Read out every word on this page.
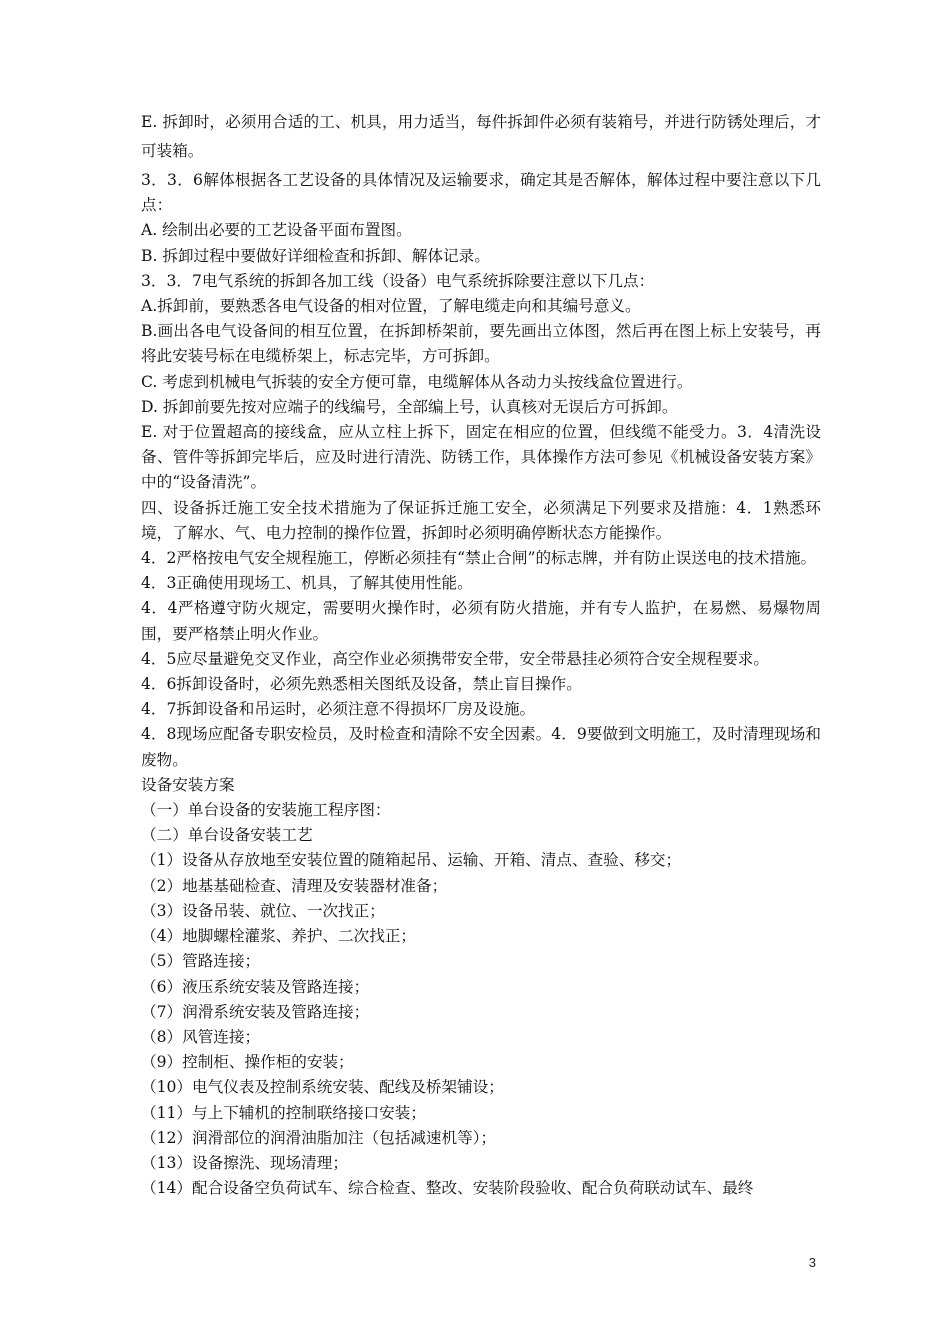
E. 拆卸时，必须用合适的工、机具，用力适当，每件拆卸件必须有装箱号，并进行防锈处理后，才可装箱。

3．3．6解体根据各工艺设备的具体情况及运输要求，确定其是否解体，解体过程中要注意以下几点：

A. 绘制出必要的工艺设备平面布置图。

B. 拆卸过程中要做好详细检查和拆卸、解体记录。

3．3．7电气系统的拆卸各加工线（设备）电气系统拆除要注意以下几点：

A.拆卸前，要熟悉各电气设备的相对位置，了解电缆走向和其编号意义。

B.画出各电气设备间的相互位置，在拆卸桥架前，要先画出立体图，然后再在图上标上安装号，再将此安装号标在电缆桥架上，标志完毕，方可拆卸。

C. 考虑到机械电气拆装的安全方便可靠，电缆解体从各动力头按线盒位置进行。

D. 拆卸前要先按对应端子的线编号，全部编上号，认真核对无误后方可拆卸。

E. 对于位置超高的接线盒，应从立柱上拆下，固定在相应的位置，但线缆不能受力。3．4清洗设备、管件等拆卸完毕后，应及时进行清洗、防锈工作，具体操作方法可参见《机械设备安装方案》中的“设备清洗”。

四、设备拆迁施工安全技术措施为了保证拆迁施工安全，必须满足下列要求及措施：4．1熟悉环境，了解水、气、电力控制的操作位置，拆卸时必须明确停断状态方能操作。

4．2严格按电气安全规程施工，停断必须挂有“禁止合闸”的标志牌，并有防止误送电的技术措施。

4．3正确使用现场工、机具，了解其使用性能。

4．4严格遵守防火规定，需要明火操作时，必须有防火措施，并有专人监护，在易燃、易爆物周围，要严格禁止明火作业。

4．5应尽量避免交叉作业，高空作业必须携带安全带，安全带悬挂必须符合安全规程要求。

4．6拆卸设备时，必须先熟悉相关图纸及设备，禁止盲目操作。

4．7拆卸设备和吊运时，必须注意不得损坏厂房及设施。

4．8现场应配备专职安检员，及时检查和清除不安全因素。4．9要做到文明施工，及时清理现场和废物。

设备安装方案

（一）单台设备的安装施工程序图：

（二）单台设备安装工艺

（1）设备从存放地至安装位置的随箱起吊、运输、开箱、清点、查验、移交；

（2）地基基础检查、清理及安装器材准备；

（3）设备吊装、就位、一次找正；

（4）地脚螺栓灌浆、养护、二次找正；

（5）管路连接；

（6）液压系统安装及管路连接；

（7）润滑系统安装及管路连接；

（8）风管连接；

（9）控制柜、操作柜的安装；

（10）电气仪表及控制系统安装、配线及桥架铺设；

（11）与上下辅机的控制联络接口安装；

（12）润滑部位的润滑油脂加注（包括减速机等）；

（13）设备擦洗、现场清理；

（14）配合设备空负荷试车、综合检查、整改、安装阶段验收、配合负荷联动试车、最终

3
